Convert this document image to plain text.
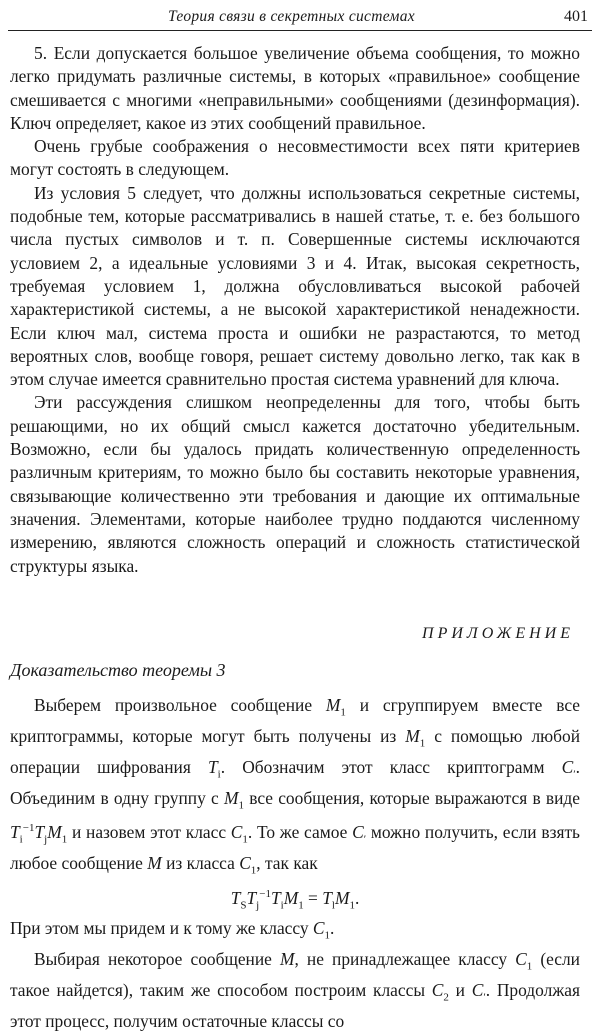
Теория связи в секретных системах	401

5. Если допускается большое увеличение объема сообщения, то можно легко придумать различные системы, в которых «правильное» сообщение смешивается с многими «неправильными» сообщениями (дезинформация). Ключ определяет, какое из этих сообщений правильное.

Очень грубые соображения о несовместимости всех пяти критериев могут состоять в следующем.

Из условия 5 следует, что должны использоваться секретные системы, подобные тем, которые рассматривались в нашей статье, т. е. без большого числа пустых символов и т. п. Совершенные системы исключаются условием 2, а идеальные условиями 3 и 4. Итак, высокая секретность, требуемая условием 1, должна обусловливаться высокой рабочей характеристикой системы, а не высокой характеристикой ненадежности. Если ключ мал, система проста и ошибки не разрастаются, то метод вероятных слов, вообще говоря, решает систему довольно легко, так как в этом случае имеется сравнительно простая система уравнений для ключа.

Эти рассуждения слишком неопределенны для того, чтобы быть решающими, но их общий смысл кажется достаточно убедительным. Возможно, если бы удалось придать количественную определенность различным критериям, то можно было бы составить некоторые уравнения, связывающие количественно эти требования и дающие их оптимальные значения. Элементами, которые наиболее трудно поддаются численному измерению, являются сложность операций и сложность статистической структуры языка.

ПРИЛОЖЕНИЕ

Доказательство теоремы 3

Выберем произвольное сообщение $M_1$ и сгруппируем вместе все криптограммы, которые могут быть получены из $M_1$ с помощью любой операции шифрования $T_i$. Обозначим этот класс криптограмм $C'$. Объединим в одну группу с $M_1$ все сообщения, которые выражаются в виде $T_i^{-1}T_jM_1$ и назовем этот класс $C_1$. То же самое $C'$ можно получить, если взять любое сообщение M из класса $C_1$, так как

$T_ST_j^{-1}T_iM_1 = T_lM_1$.

При этом мы придем и к тому же классу $C_1$.

Выбирая некоторое сообщение M, не принадлежащее классу $C_1$ (если такое найдется), таким же способом построим классы $C_2$ и $C'$. Продолжая этот процесс, получим остаточные классы со
